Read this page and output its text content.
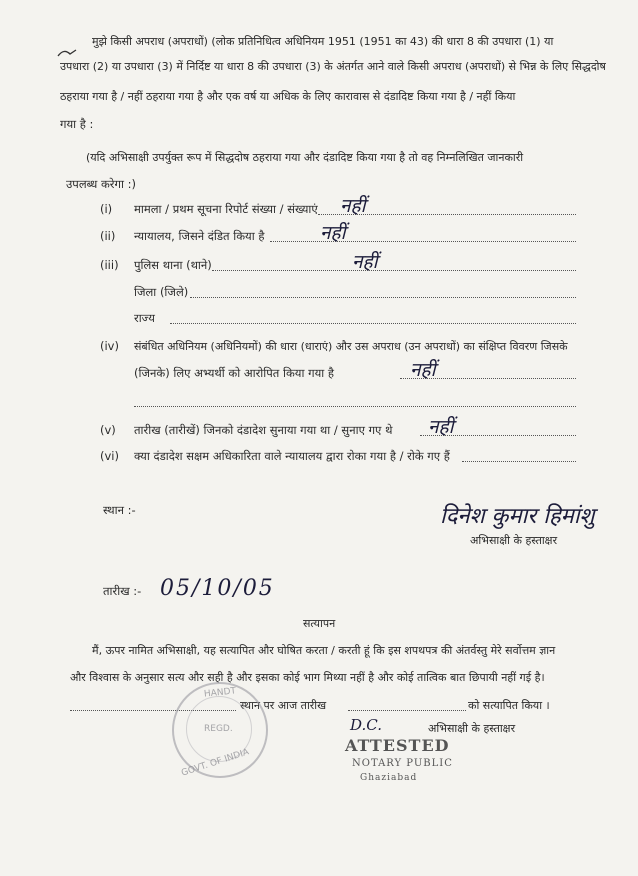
मुझे किसी अपराध (अपराधों) (लोक प्रतिनिधित्व अधिनियम 1951 (1951 का 43) की धारा 8 की उपधारा (1) या
उपधारा (2) या उपधारा (3) में निर्दिष्ट या धारा 8 की उपधारा (3) के अंतर्गत आने वाले किसी अपराध (अपराधों) से भिन्न के लिए सिद्धदोष
ठहराया गया है / नहीं ठहराया गया है और एक वर्ष या अधिक के लिए कारावास से दंडादिष्ट किया गया है / नहीं किया
गया है :
(यदि अभिसाक्षी उपर्युक्त रूप में सिद्धदोष ठहराया गया और दंडादिष्ट किया गया है तो वह निम्नलिखित जानकारी
उपलब्ध करेगा :)
(i) मामला / प्रथम सूचना रिपोर्ट संख्या / संख्याएं नहीं
(ii) न्यायालय, जिसने दंडित किया है	नहीं
(iii) पुलिस थाना (थाने)	नहीं
जिला (जिले)
राज्य
(iv) संबंधित अधिनियम (अधिनियमों) की धारा (धाराएं) और उस अपराध (उन अपराधों) का संक्षिप्त विवरण जिसके
(जिनके) लिए अभ्यर्थी को आरोपित किया गया है	नहीं
(v) तारीख (तारीखें) जिनको दंडादेश सुनाया गया था / सुनाए गए थे नहीं
(vi) क्या दंडादेश सक्षम अधिकारिता वाले न्यायालय द्वारा रोका गया है / रोके गए हैं
स्थान :-	दिनेश कुमार हिमांशु
अभिसाक्षी के हस्ताक्षर
तारीख :- 05/10/05
सत्यापन
मैं, ऊपर नामित अभिसाक्षी, यह सत्यापित और घोषित करता / करती हूं कि इस शपथपत्र की अंतर्वस्तु मेरे सर्वोत्तम ज्ञान
और विश्वास के अनुसार सत्य और सही है और इसका कोई भाग मिथ्या नहीं है और कोई तात्विक बात छिपायी नहीं गई है।
स्थान पर आज तारीख	को सत्यापित किया ।
D.C.	अभिसाक्षी के हस्ताक्षर
HANDT
REGD.
GOVT. OF INDIA
ATTESTED
NOTARY PUBLIC
Ghaziabad
